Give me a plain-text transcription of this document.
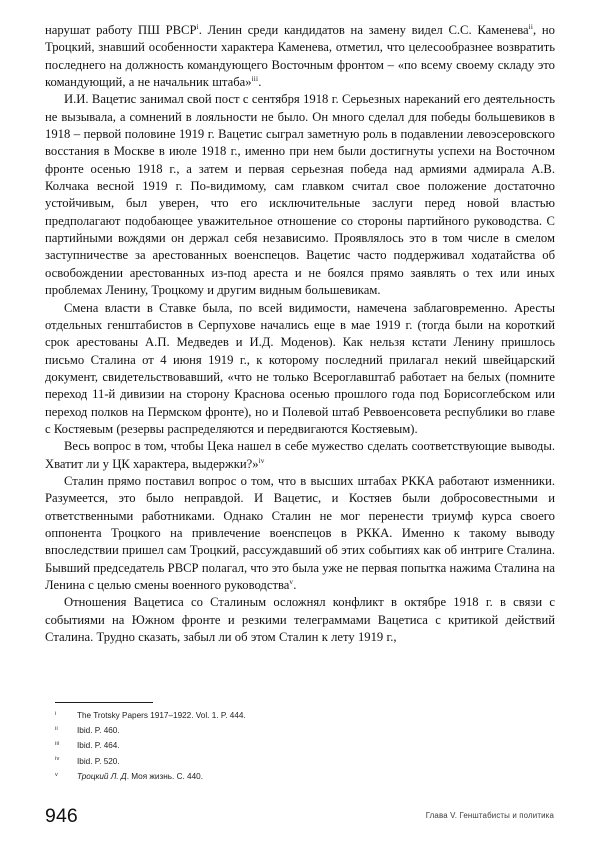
нарушат работу ПШ РВСР$^i$. Ленин среди кандидатов на замену видел С.С. Каменева$^{ii}$, но Троцкий, знавший особенности характера Каменева, отметил, что целесообразнее возвратить последнего на должность командующего Восточным фронтом – «по всему своему складу это командующий, а не начальник штаба»$^{iii}$.

И.И. Вацетис занимал свой пост с сентября 1918 г. Серьезных нареканий его деятельность не вызывала, а сомнений в лояльности не было. Он много сделал для победы большевиков в 1918 – первой половине 1919 г. Вацетис сыграл заметную роль в подавлении левоэсеровского восстания в Москве в июле 1918 г., именно при нем были достигнуты успехи на Восточном фронте осенью 1918 г., а затем и первая серьезная победа над армиями адмирала А.В. Колчака весной 1919 г. По-видимому, сам главком считал свое положение достаточно устойчивым, был уверен, что его исключительные заслуги перед новой властью предполагают подобающее уважительное отношение со стороны партийного руководства. С партийными вождями он держал себя независимо. Проявлялось это в том числе в смелом заступничестве за арестованных военспецов. Вацетис часто поддерживал ходатайства об освобождении арестованных из-под ареста и не боялся прямо заявлять о тех или иных проблемах Ленину, Троцкому и другим видным большевикам.

Смена власти в Ставке была, по всей видимости, намечена заблаговременно. Аресты отдельных генштабистов в Серпухове начались еще в мае 1919 г. (тогда были на короткий срок арестованы А.П. Медведев и И.Д. Моденов). Как нельзя кстати Ленину пришлось письмо Сталина от 4 июня 1919 г., к которому последний прилагал некий швейцарский документ, свидетельствовавший, «что не только Всероглавштаб работает на белых (помните переход 11-й дивизии на сторону Краснова осенью прошлого года под Борисоглебском или переход полков на Пермском фронте), но и Полевой штаб Реввоенсовета республики во главе с Костяевым (резервы распределяются и передвигаются Костяевым).

Весь вопрос в том, чтобы Цека нашел в себе мужество сделать соответствующие выводы. Хватит ли у ЦК характера, выдержки?»$^{iv}$

Сталин прямо поставил вопрос о том, что в высших штабах РККА работают изменники. Разумеется, это было неправдой. И Вацетис, и Костяев были добросовестными и ответственными работниками. Однако Сталин не мог перенести триумф курса своего оппонента Троцкого на привлечение военспецов в РККА. Именно к такому выводу впоследствии пришел сам Троцкий, рассуждавший об этих событиях как об интриге Сталина. Бывший председатель РВСР полагал, что это была уже не первая попытка нажима Сталина на Ленина с целью смены военного руководства$^v$.

Отношения Вацетиса со Сталиным осложнял конфликт в октябре 1918 г. в связи с событиями на Южном фронте и резкими телеграммами Вацетиса с критикой действий Сталина. Трудно сказать, забыл ли об этом Сталин к лету 1919 г.,

i	The Trotsky Papers 1917–1922. Vol. 1. P. 444.
ii	Ibid. P. 460.
iii	Ibid. P. 464.
iv	Ibid. P. 520.
v	Троцкий Л. Д. Моя жизнь. С. 440.
946	Глава V. Генштабисты и политика
